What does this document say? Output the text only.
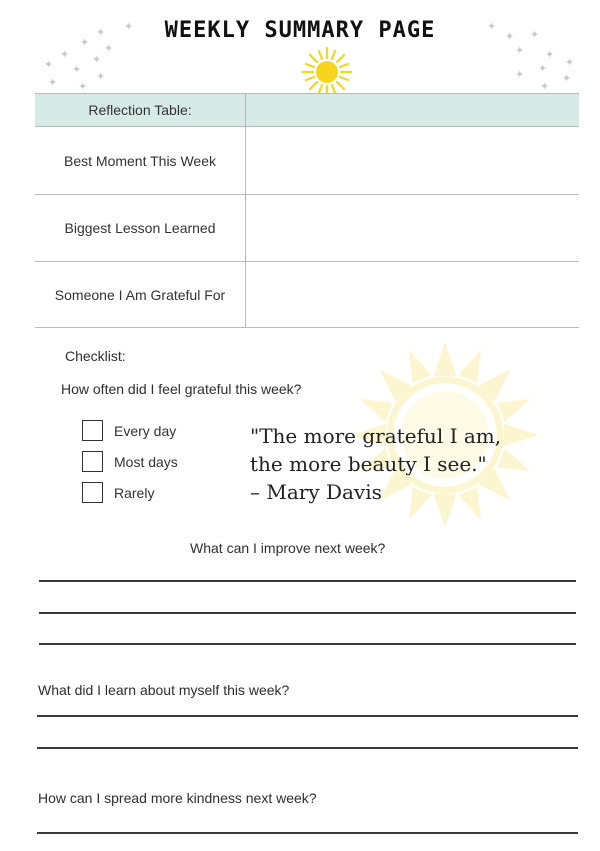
✦
✦
✦ ✦
✦ ✦
✦ ✦
✦
✦ ✦
✦
✦ ✦
✦ ✦
✦
✦
✦	✦
✦
WEEKLY SUMMARY PAGE
Reflection Table:
Best Moment This Week
Biggest Lesson Learned
Someone I Am Grateful For
Checklist:
How often did I feel grateful this week?
Every day
Most days
Rarely
"The more grateful I am,
the more beauty I see."
– Mary Davis
What can I improve next week?
What did I learn about myself this week?
How can I spread more kindness next week?
